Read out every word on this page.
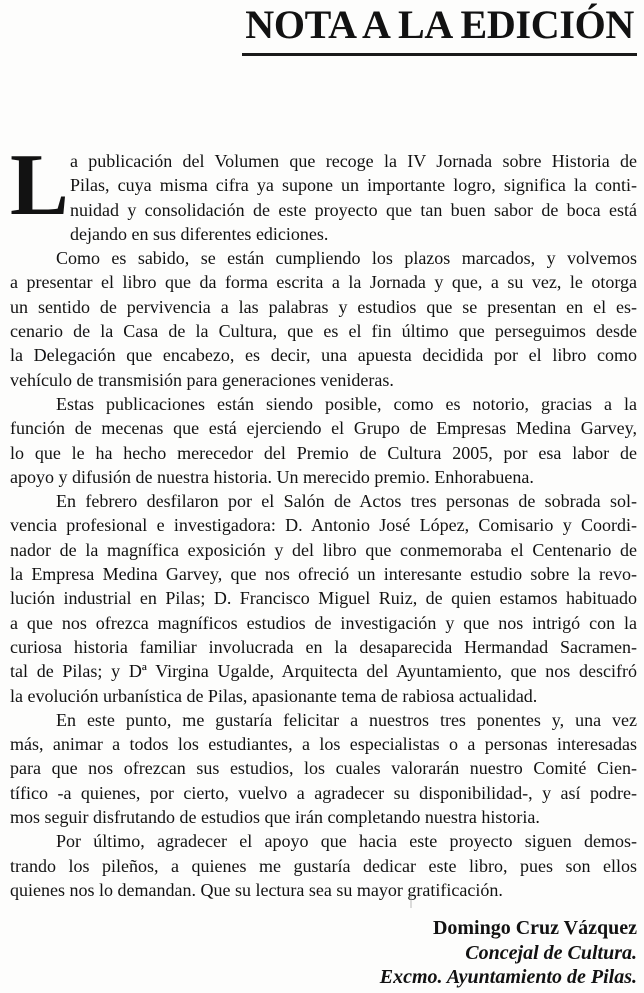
NOTA A LA EDICIÓN
L a publicación del Volumen que recoge la IV Jornada sobre Historia de
Pilas, cuya misma cifra ya supone un importante logro, significa la conti-
nuidad y consolidación de este proyecto que tan buen sabor de boca está
dejando en sus diferentes ediciones.
Como es sabido, se están cumpliendo los plazos marcados, y volvemos
a presentar el libro que da forma escrita a la Jornada y que, a su vez, le otorga
un sentido de pervivencia a las palabras y estudios que se presentan en el es-
cenario de la Casa de la Cultura, que es el fin último que perseguimos desde
la Delegación que encabezo, es decir, una apuesta decidida por el libro como
vehículo de transmisión para generaciones venideras.
Estas publicaciones están siendo posible, como es notorio, gracias a la
función de mecenas que está ejerciendo el Grupo de Empresas Medina Garvey,
lo que le ha hecho merecedor del Premio de Cultura 2005, por esa labor de
apoyo y difusión de nuestra historia. Un merecido premio. Enhorabuena.
En febrero desfilaron por el Salón de Actos tres personas de sobrada sol-
vencia profesional e investigadora: D. Antonio José López, Comisario y Coordi-
nador de la magnífica exposición y del libro que conmemoraba el Centenario de
la Empresa Medina Garvey, que nos ofreció un interesante estudio sobre la revo-
lución industrial en Pilas; D. Francisco Miguel Ruiz, de quien estamos habituado
a que nos ofrezca magníficos estudios de investigación y que nos intrigó con la
curiosa historia familiar involucrada en la desaparecida Hermandad Sacramen-
tal de Pilas; y Dª Virgina Ugalde, Arquitecta del Ayuntamiento, que nos descifró
la evolución urbanística de Pilas, apasionante tema de rabiosa actualidad.
En este punto, me gustaría felicitar a nuestros tres ponentes y, una vez
más, animar a todos los estudiantes, a los especialistas o a personas interesadas
para que nos ofrezcan sus estudios, los cuales valorarán nuestro Comité Cien-
tífico -a quienes, por cierto, vuelvo a agradecer su disponibilidad-, y así podre-
mos seguir disfrutando de estudios que irán completando nuestra historia.
Por último, agradecer el apoyo que hacia este proyecto siguen demos-
trando los pileños, a quienes me gustaría dedicar este libro, pues son ellos
quienes nos lo demandan. Que su lectura sea su mayor gratificación.
Domingo Cruz Vázquez
Concejal de Cultura.
Excmo. Ayuntamiento de Pilas.
